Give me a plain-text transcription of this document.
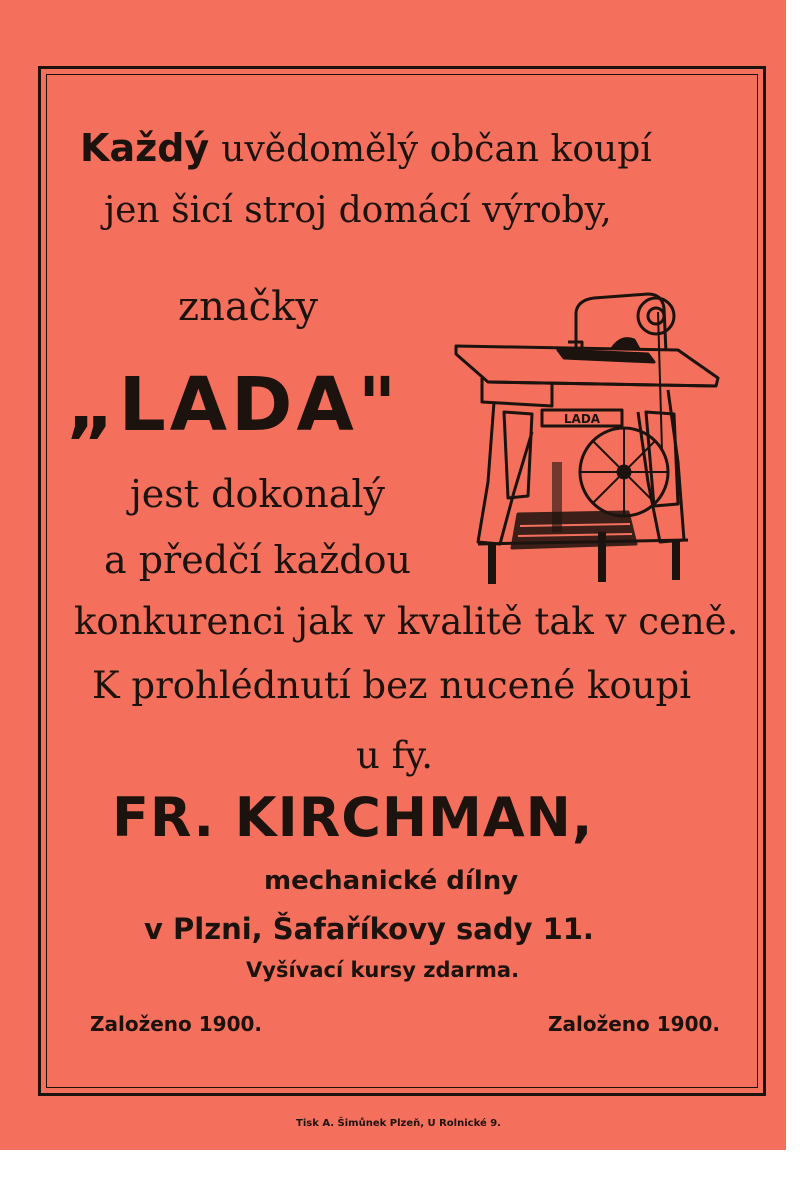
Každý uvědomělý občan koupí
jen šicí stroj domácí výroby,
značky
„LADA"
jest dokonalý
a předčí každou
konkurenci jak v kvalitě tak v ceně.
K prohlédnutí bez nucené koupi
u fy.
FR. KIRCHMAN,
mechanické dílny
v Plzni, Šafaříkovy sady 11.
Vyšívací kursy zdarma.
Založeno 1900.	Založeno 1900.
LADA
Tisk A. Šimůnek Plzeň, U Rolnické 9.
